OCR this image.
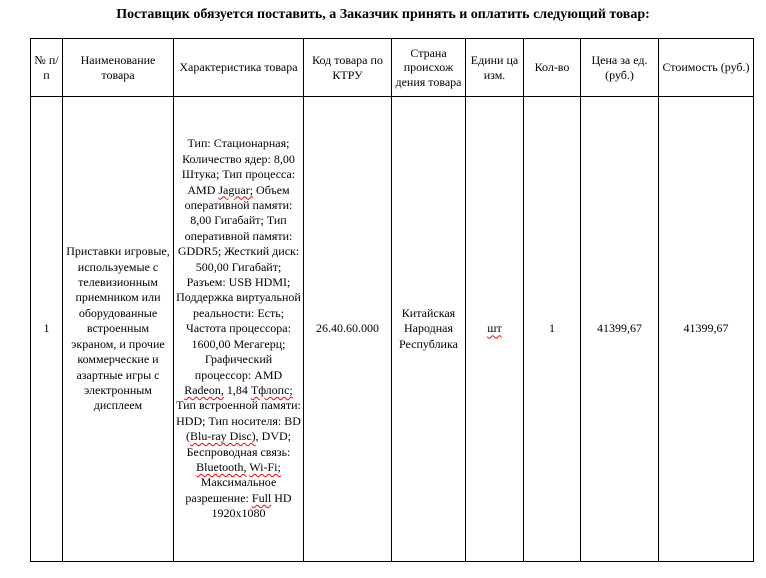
Поставщик обязуется поставить, а Заказчик принять и оплатить следующий товар:
№ п/п	Наименование товара	Характеристика товара	Код товара по КТРУ	Страна происхож дения товара	Едини ца изм.	Кол-во	Цена за ед. (руб.)	Стоимость (руб.)
1	Приставки игровые, используемые с телевизионным приемником или оборудованные встроенным экраном, и прочие коммерческие и азартные игры с электронным дисплеем	Тип: Стационарная; Количество ядер: 8,00 Штука; Тип процесса: AMD Jaguar; Объем оперативной памяти: 8,00 Гигабайт; Тип оперативной памяти: GDDR5; Жесткий диск: 500,00 Гигабайт; Разъем: USB HDMI; Поддержка виртуальной реальности: Есть; Частота процессора: 1600,00 Мегагерц; Графический процессор: AMD Radeon, 1,84 Тфлопс; Тип встроенной памяти: HDD; Тип носителя: BD (Blu-ray Disc), DVD; Беспроводная связь: Bluetooth, Wi-Fi; Максимальное разрешение: Full HD 1920x1080	26.40.60.000	Китайская Народная Республика	шт	1	41399,67	41399,67
